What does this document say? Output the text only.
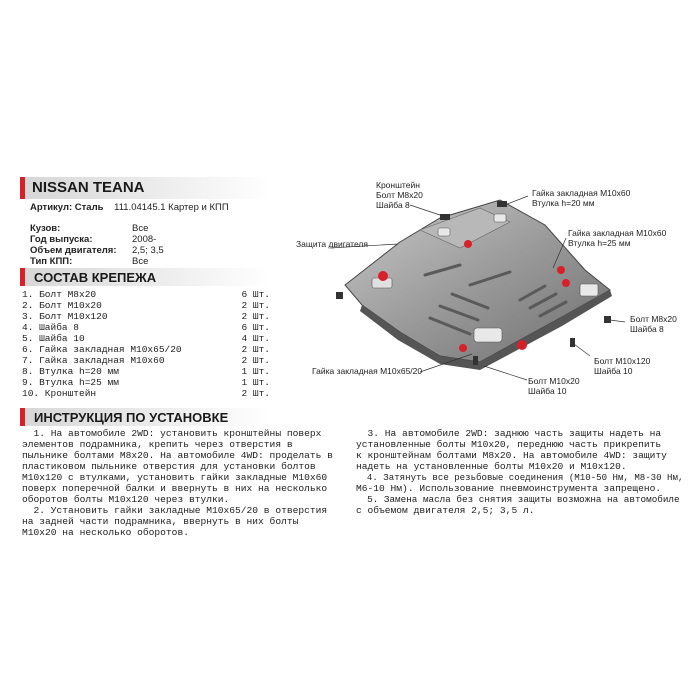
NISSAN TEANA
Артикул: Сталь 111.04145.1 Картер и КПП
Кузов:	Все
Год выпуска:	2008-
Объем двигателя: 2,5; 3,5
Тип КПП:	Все
СОСТАВ КРЕПЕЖА
1. Болт М8х20	6 Шт.
2. Болт М10х20	2 Шт.
3. Болт М10х120	2 Шт.
4. Шайба 8	6 Шт.
5. Шайба 10	4 Шт.
6. Гайка закладная М10х65/20	2 Шт.
7. Гайка закладная М10х60	2 Шт.
8. Втулка h=20 мм	1 Шт.
9. Втулка h=25 мм	1 Шт.
10. Кронштейн	2 Шт.
ИНСТРУКЦИЯ ПО УСТАНОВКЕ
1. На автомобиле 2WD: установить кронштейны поверх
элементов подрамника, крепить через отверстия в
пыльнике болтами М8х20. На автомобиле 4WD: проделать в
пластиковом пыльнике отверстия для установки болтов
М10х120 с втулками, установить гайки закладные М10х60
поверх поперечной балки и ввернуть в них на несколько
оборотов болты М10х120 через втулки.
2. Установить гайки закладные М10х65/20 в отверстия
на задней части подрамника, ввернуть в них болты
М10х20 на несколько оборотов.
3. На автомобиле 2WD: заднюю часть защиты надеть на
установленные болты М10х20, переднюю часть прикрепить
к кронштейнам болтами М8х20. На автомобиле 4WD: защиту
надеть на установленные болты М10х20 и М10х120.
4. Затянуть все резьбовые соединения (М10-50 Нм, М8-30 Нм,
М6-10 Нм). Использование пневмоинструмента запрещено.
5. Замена масла без снятия защиты возможна на автомобиле
с объемом двигателя 2,5; 3,5 л.
Кронштейн
Болт М8х20
Шайба 8
Гайка закладная М10х60
Втулка h=20 мм
Гайка закладная М10х60
Втулка h=25 мм
Защита двигателя
Болт М8х20
Шайба 8
Болт М10х120
Шайба 10
Болт М10х20
Шайба 10
Гайка закладная М10х65/20
